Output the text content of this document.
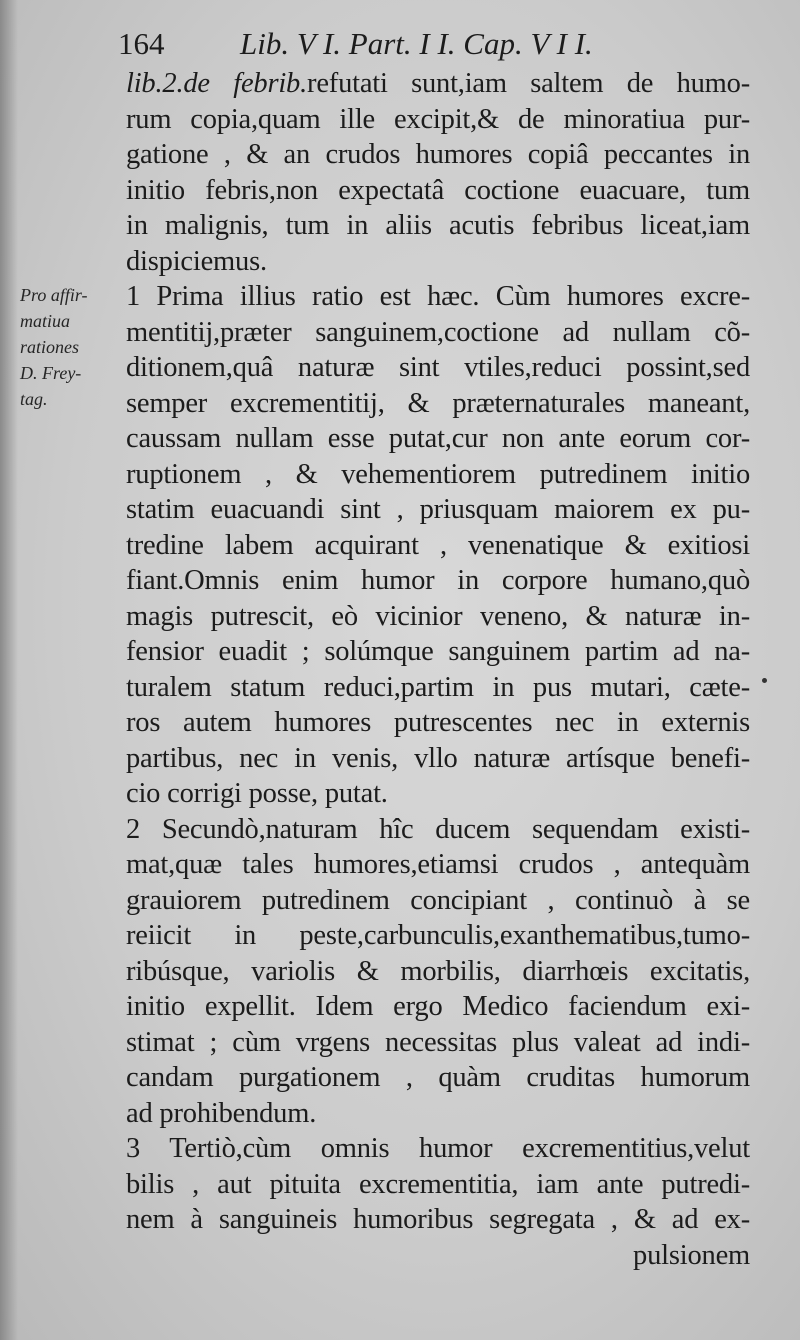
164 Lib. V I. Part. I I. Cap. V I I.
Pro affir-
matiua
rationes
D. Frey-
tag.
lib.2.de febrib.refutati sunt,iam saltem de humo-
rum copia,quam ille excipit,& de minoratiua pur-
gatione , & an crudos humores copiâ peccantes in
initio febris,non expectatâ coctione euacuare, tum
in malignis, tum in aliis acutis febribus liceat,iam
dispiciemus.
1 Prima illius ratio est hæc. Cùm humores excre-
mentitij,præter sanguinem,coctione ad nullam cõ-
ditionem,quâ naturæ sint vtiles,reduci possint,sed
semper excrementitij, & præternaturales maneant,
caussam nullam esse putat,cur non ante eorum cor-
ruptionem , & vehementiorem putredinem initio
statim euacuandi sint , priusquam maiorem ex pu-
tredine labem acquirant , venenatique & exitiosi
fiant.Omnis enim humor in corpore humano,quò
magis putrescit, eò vicinior veneno, & naturæ in-
fensior euadit ; solúmque sanguinem partim ad na-
turalem statum reduci,partim in pus mutari, cæte-
ros autem humores putrescentes nec in externis
partibus, nec in venis, vllo naturæ artísque benefi-
cio corrigi posse, putat.
2 Secundò,naturam hîc ducem sequendam existi-
mat,quæ tales humores,etiamsi crudos , antequàm
grauiorem putredinem concipiant , continuò à se
reiicit in peste,carbunculis,exanthematibus,tumo-
ribúsque, variolis & morbilis, diarrhœis excitatis,
initio expellit. Idem ergo Medico faciendum exi-
stimat ; cùm vrgens necessitas plus valeat ad indi-
candam purgationem , quàm cruditas humorum
ad prohibendum.
3 Tertiò,cùm omnis humor excrementitius,velut
bilis , aut pituita excrementitia, iam ante putredi-
nem à sanguineis humoribus segregata , & ad ex-
pulsionem
